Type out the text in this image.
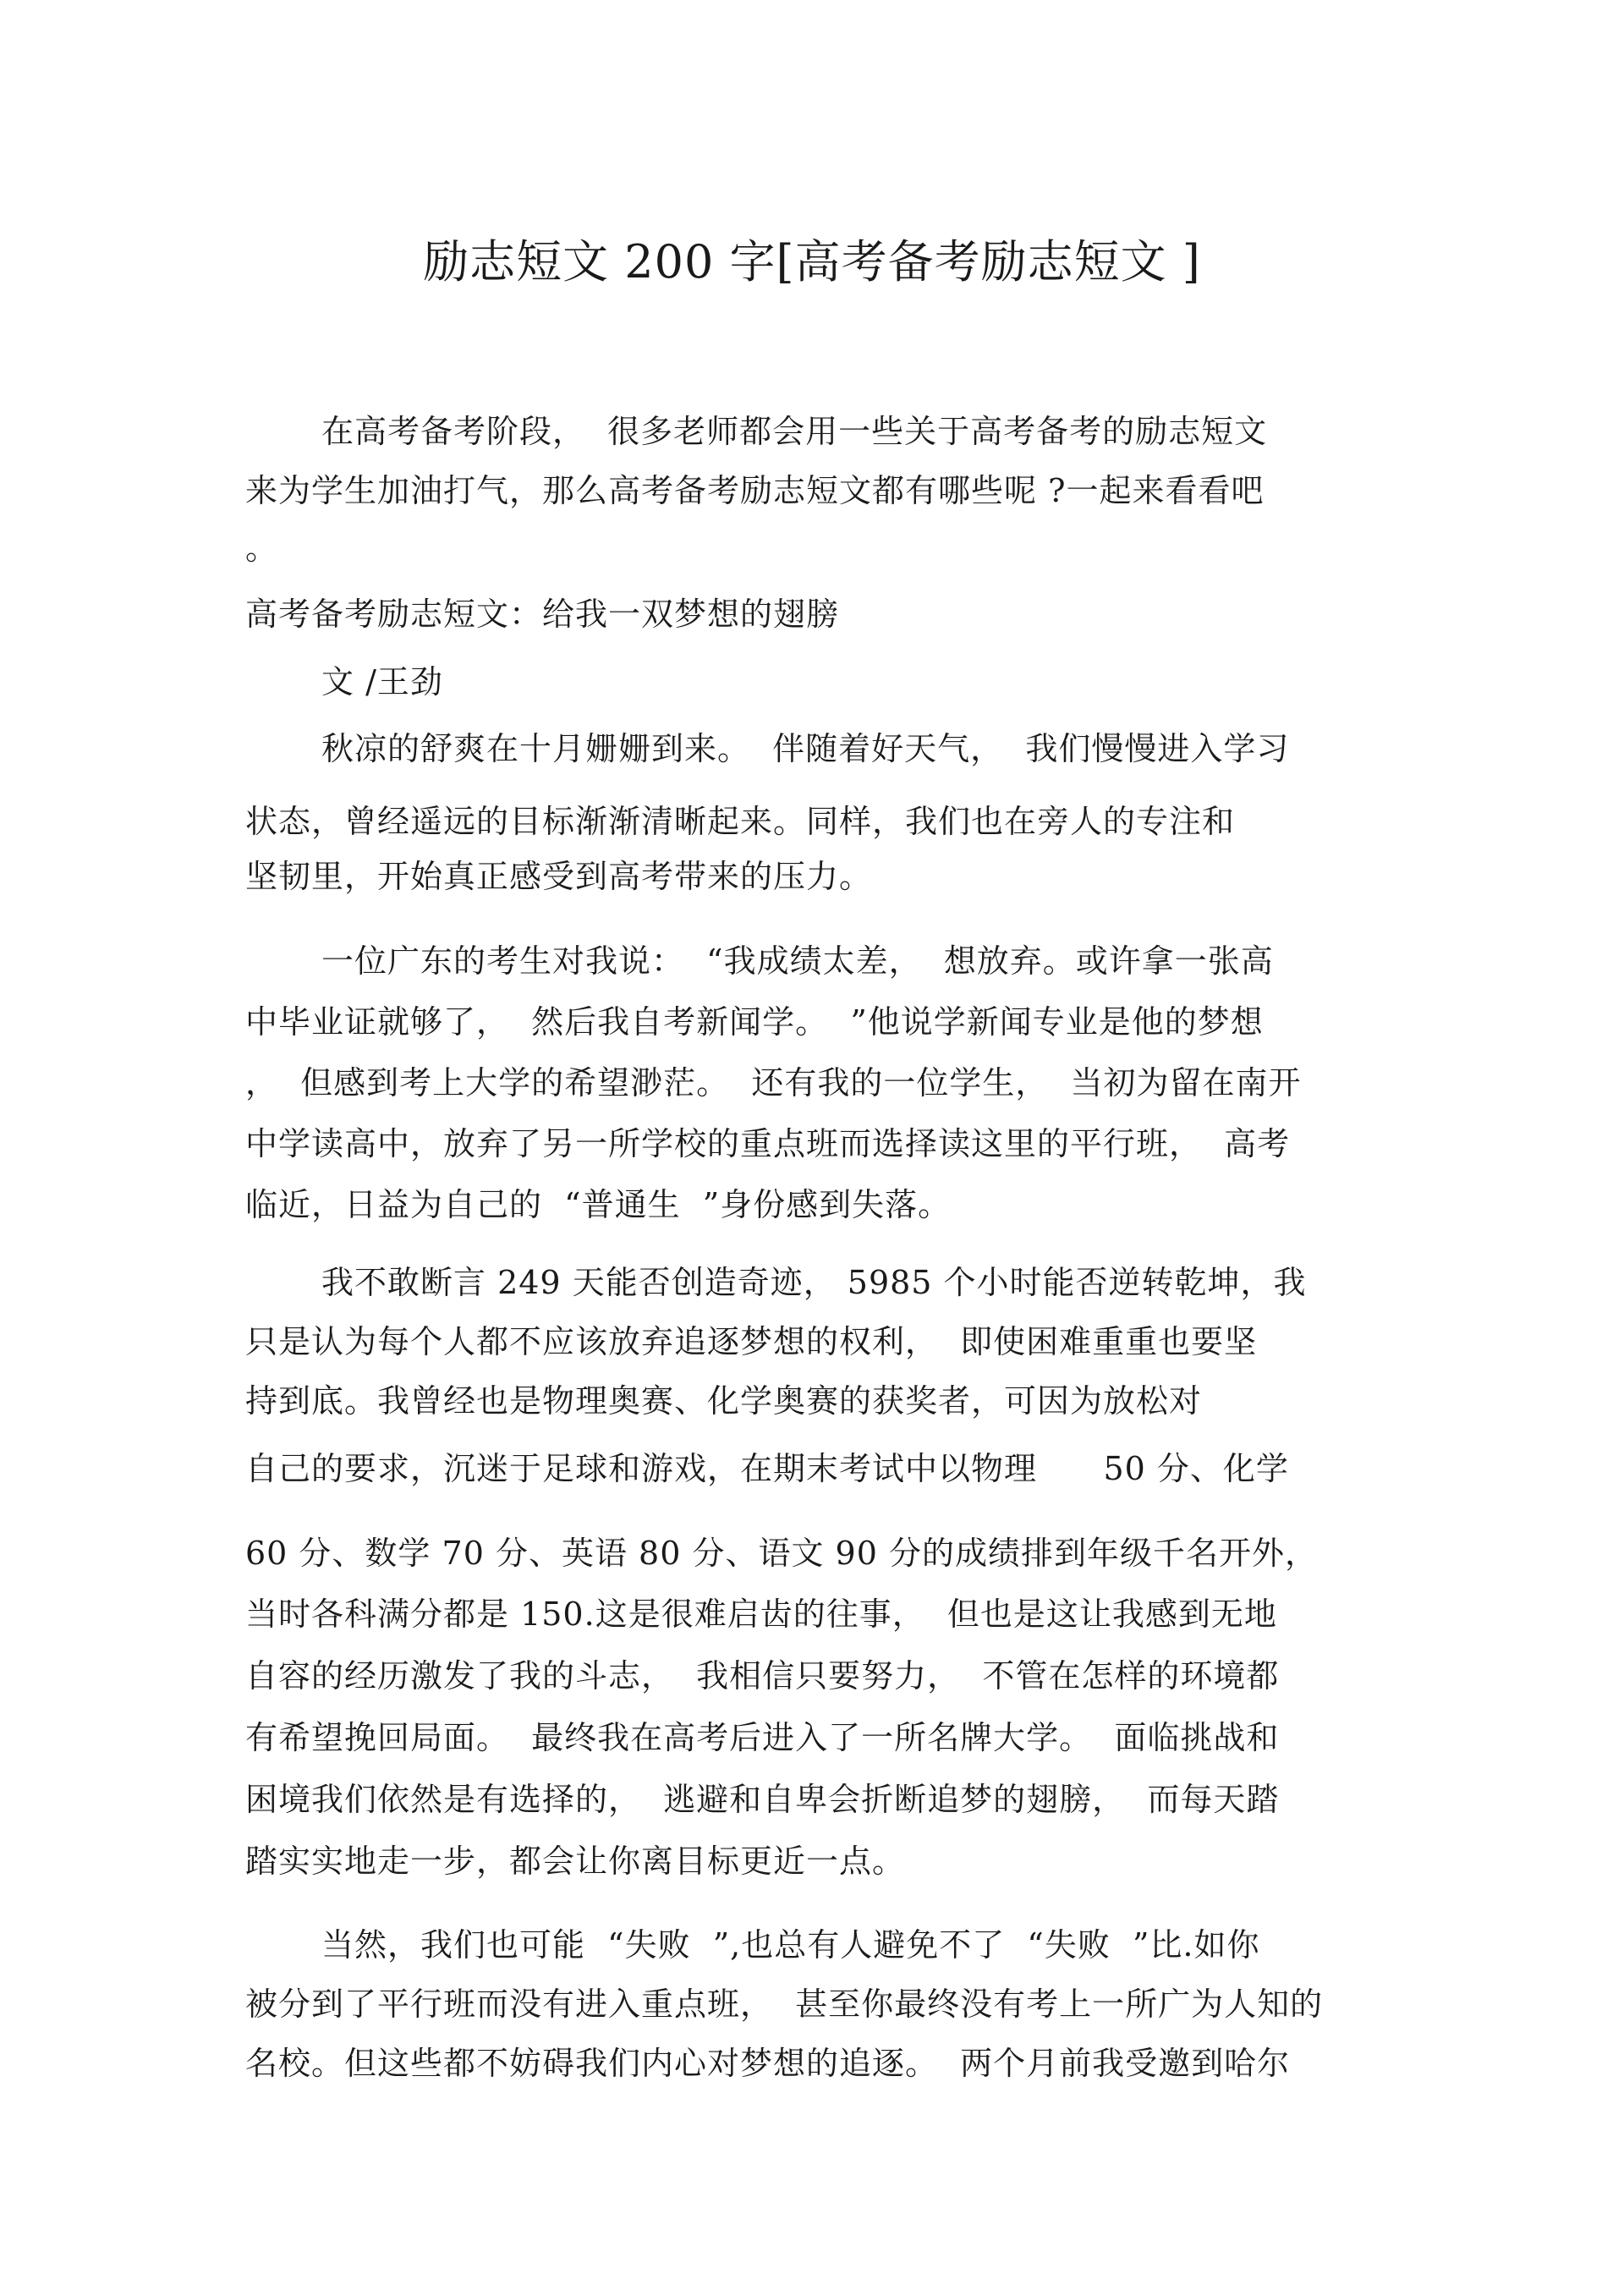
励志短文 200 字[高考备考励志短文 ]
在高考备考阶段，  很多老师都会用一些关于高考备考的励志短文
来为学生加油打气，那么高考备考励志短文都有哪些呢 ?一起来看看吧
。
高考备考励志短文：给我一双梦想的翅膀
文 /王劲
秋凉的舒爽在十月姗姗到来。  伴随着好天气，  我们慢慢进入学习
状态，曾经遥远的目标渐渐清晰起来。同样，我们也在旁人的专注和
坚韧里，开始真正感受到高考带来的压力。
一位广东的考生对我说：  “我成绩太差，  想放弃。或许拿一张高
中毕业证就够了，  然后我自考新闻学。  ”他说学新闻专业是他的梦想
，  但感到考上大学的希望渺茫。  还有我的一位学生，  当初为留在南开
中学读高中，放弃了另一所学校的重点班而选择读这里的平行班，  高考
临近，日益为自己的  “普通生  ”身份感到失落。
我不敢断言 249 天能否创造奇迹， 5985 个小时能否逆转乾坤，我
只是认为每个人都不应该放弃追逐梦想的权利，  即使困难重重也要坚
持到底。我曾经也是物理奥赛、化学奥赛的获奖者，可因为放松对
自己的要求，沉迷于足球和游戏，在期末考试中以物理      50 分、化学
60 分、数学 70 分、英语 80 分、语文 90 分的成绩排到年级千名开外，
当时各科满分都是 150.这是很难启齿的往事，  但也是这让我感到无地
自容的经历激发了我的斗志，  我相信只要努力，  不管在怎样的环境都
有希望挽回局面。  最终我在高考后进入了一所名牌大学。  面临挑战和
困境我们依然是有选择的，  逃避和自卑会折断追梦的翅膀，  而每天踏
踏实实地走一步，都会让你离目标更近一点。
当然，我们也可能  “失败  ”,也总有人避免不了  “失败  ”比.如你
被分到了平行班而没有进入重点班，  甚至你最终没有考上一所广为人知的
名校。但这些都不妨碍我们内心对梦想的追逐。  两个月前我受邀到哈尔
